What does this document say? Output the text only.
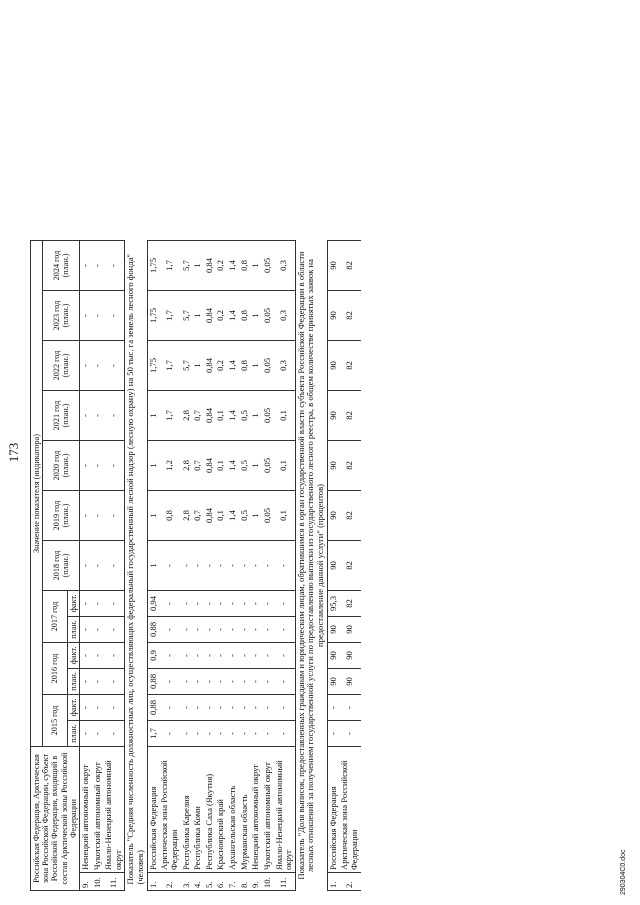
173
Российская Федерация, Арктическая зона Российской Федерации, субъект Российской Федерации, входящий в состав Арктической зоны Российской Федерации		Значение показателя (индикатора)												
		2015 год		2016 год		2017 год		2018 год (план.)	2019 год (план.)	2020 год (план.)	2021 год (план.)	2022 год (план.)	2023 год (план.)	2024 год (план.)
		план.	факт.	план.	факт.	план.	факт.							
9.	Ненецкий автономный округ	-	-	-	-	-	-	-	-	-	-	-	-	-
10.	Чукотский автономный округ	-	-	-	-	-	-	-	-	-	-	-	-	-
11.	Ямало-Ненецкий автономный округ	-	-	-	-	-	-	-	-	-	-	-	-	-
Показатель "Средняя численность должностных лиц, осуществляющих федеральный государственный лесной надзор (лесную охрану) на 50 тыс. га земель лесного фонда" (человек)														
1.	Российская Федерация	1,7	0,88	0,88	0,9	0,88	0,94	1	1	1	1	1,75	1,75	1,75
2.	Арктическая зона Российской Федерации	-	-	-	-	-	-	-	0,8	1,2	1,7	1,7	1,7	1,7
3.	Республика Карелия	-	-	-	-	-	-	-	2,8	2,8	2,8	5,7	5,7	5,7
4.	Республика Коми	-	-	-	-	-	-	-	0,7	0,7	0,7	1	1	1
5.	Республика Саха (Якутия)	-	-	-	-	-	-	-	0,84	0,84	0,84	0,84	0,84	0,84
6.	Красноярский край	-	-	-	-	-	-	-	0,1	0,1	0,1	0,2	0,2	0,2
7.	Архангельская область	-	-	-	-	-	-	-	1,4	1,4	1,4	1,4	1,4	1,4
8.	Мурманская область	-	-	-	-	-	-	-	0,5	0,5	0,5	0,8	0,8	0,8
9.	Ненецкий автономный округ	-	-	-	-	-	-	-	1	1	1	1	1	1
10.	Чукотский автономный округ	-	-	-	-	-	-	-	0,05	0,05	0,05	0,05	0,05	0,05
11.	Ямало-Ненецкий автономный округ	-	-	-	-	-	-	-	0,1	0,1	0,1	0,3	0,3	0,3
Показатель "Доля выписок, предоставленных гражданам и юридическим лицам, обратившимся в орган государственной власти субъекта Российской Федерации в области лесных отношений за получением государственной услуги по предоставлению выписки из государственного лесного реестра, в общем количестве принятых заявок на предоставление данной услуги" (процентов)														
1.	Российская Федерация	-	-	90	90	90	95,3	90	90	90	90	90	90	90
2.	Арктическая зона Российской Федерации	-	-	90	90	90	82	82	82	82	82	82	82	82
290304C0.doc
